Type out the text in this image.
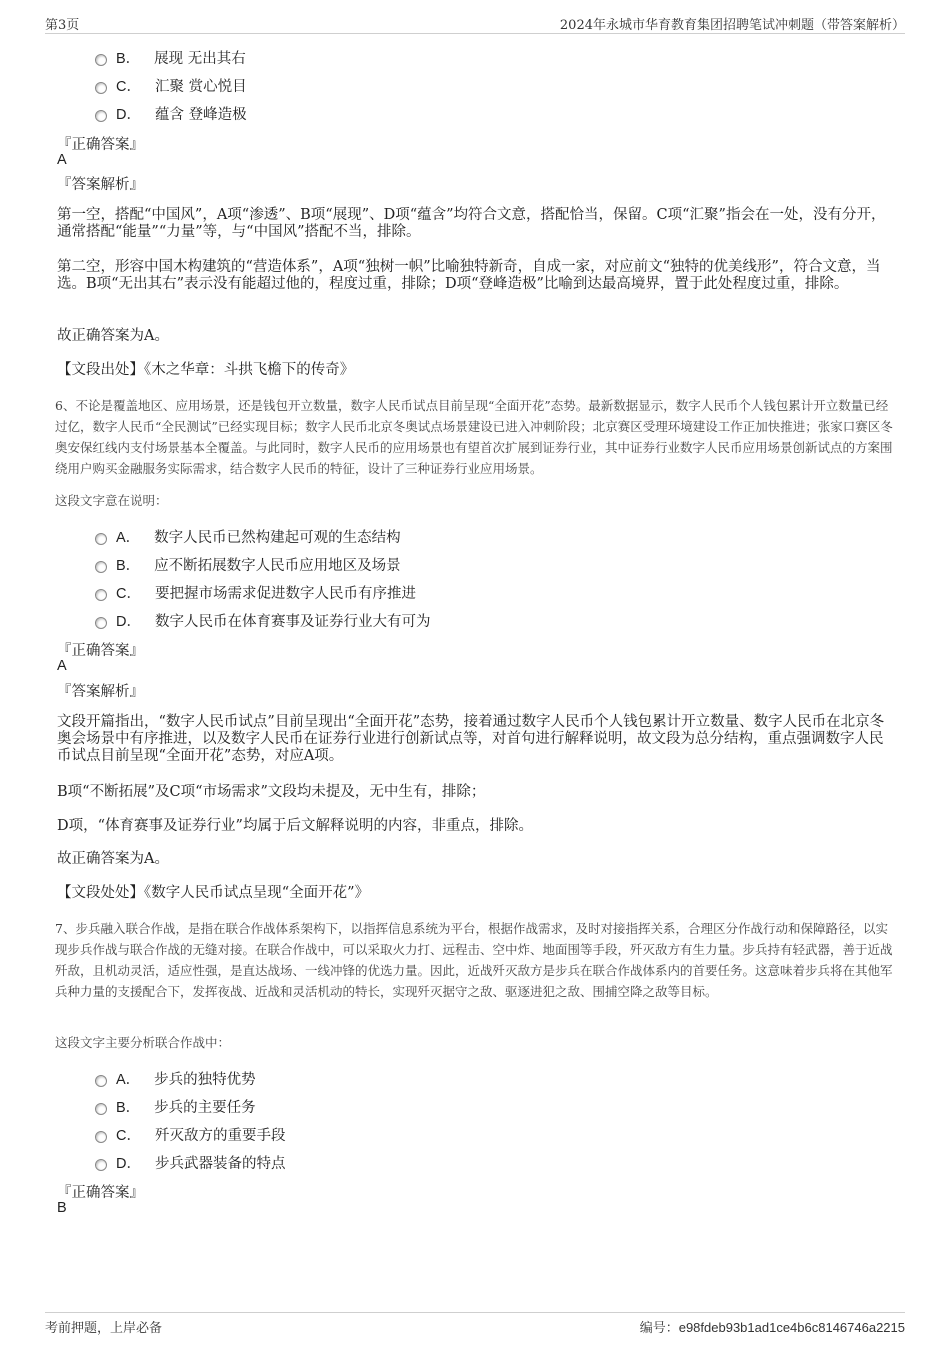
第3页	2024年永城市华育教育集团招聘笔试冲刺题（带答案解析）
B． 展现 无出其右
C． 汇聚 赏心悦目
D． 蕴含 登峰造极
『正确答案』
A
『答案解析』

第一空，搭配“中国风”，A项“渗透”、B项“展现”、D项“蕴含”均符合文意，搭配恰当，保留。C项“汇聚”指会在一处，没有分开，通常搭配“能量”“力量”等，与“中国风”搭配不当，排除。

第二空，形容中国木构建筑的“营造体系”，A项“独树一帜”比喻独特新奇，自成一家，对应前文“独特的优美线形”，符合文意，当选。B项“无出其右”表示没有能超过他的，程度过重，排除；D项“登峰造极”比喻到达最高境界，置于此处程度过重，排除。

故正确答案为A。

【文段出处】《木之华章：斗拱飞檐下的传奇》

6、不论是覆盖地区、应用场景，还是钱包开立数量，数字人民币试点目前呈现“全面开花”态势。最新数据显示，数字人民币个人钱包累计开立数量已经过亿，数字人民币“全民测试”已经实现目标；数字人民币北京冬奥试点场景建设已进入冲刺阶段；北京赛区受理环境建设工作正加快推进；张家口赛区冬奥安保红线内支付场景基本全覆盖。与此同时，数字人民币的应用场景也有望首次扩展到证券行业，其中证券行业数字人民币应用场景创新试点的方案围绕用户购买金融服务实际需求，结合数字人民币的特征，设计了三种证券行业应用场景。

这段文字意在说明：

A． 数字人民币已然构建起可观的生态结构
B． 应不断拓展数字人民币应用地区及场景
C． 要把握市场需求促进数字人民币有序推进
D． 数字人民币在体育赛事及证券行业大有可为
『正确答案』
A
『答案解析』

文段开篇指出，“数字人民币试点”目前呈现出“全面开花”态势，接着通过数字人民币个人钱包累计开立数量、数字人民币在北京冬奥会场景中有序推进，以及数字人民币在证券行业进行创新试点等，对首句进行解释说明，故文段为总分结构，重点强调数字人民币试点目前呈现“全面开花”态势，对应A项。

B项“不断拓展”及C项“市场需求”文段均未提及，无中生有，排除；

D项，“体育赛事及证券行业”均属于后文解释说明的内容，非重点，排除。

故正确答案为A。

【文段处处】《数字人民币试点呈现“全面开花”》

7、步兵融入联合作战，是指在联合作战体系架构下，以指挥信息系统为平台，根据作战需求，及时对接指挥关系，合理区分作战行动和保障路径，以实现步兵作战与联合作战的无缝对接。在联合作战中，可以采取火力打、远程击、空中炸、地面围等手段，歼灭敌方有生力量。步兵持有轻武器，善于近战歼敌，且机动灵活，适应性强，是直达战场、一线冲锋的优选力量。因此，近战歼灭敌方是步兵在联合作战体系内的首要任务。这意味着步兵将在其他军兵种力量的支援配合下，发挥夜战、近战和灵活机动的特长，实现歼灭据守之敌、驱逐进犯之敌、围捕空降之敌等目标。

这段文字主要分析联合作战中：

A． 步兵的独特优势
B． 步兵的主要任务
C． 歼灭敌方的重要手段
D． 步兵武器装备的特点
『正确答案』
B
考前押题，上岸必备	编号：e98fdeb93b1ad1ce4b6c8146746a2215
